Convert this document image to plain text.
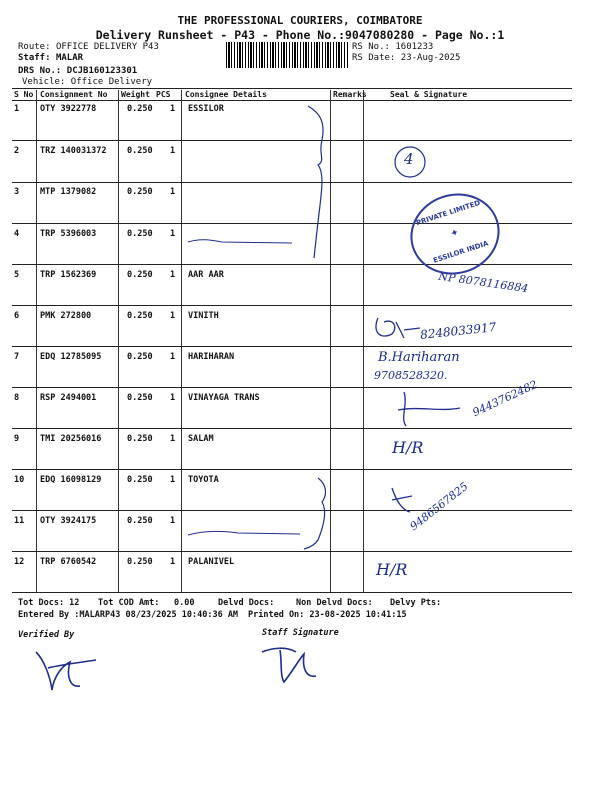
THE PROFESSIONAL COURIERS, COIMBATORE
Delivery Runsheet - P43 - Phone No.:9047080280 - Page No.:1
Route: OFFICE DELIVERY P43
Staff: MALAR
DRS No.: DCJB160123301
Vehicle: Office Delivery
RS No.: 1601233
RS Date: 23-Aug-2025
S No Consignment No Weight PCS Consignee Details	Remarks	Seal & Signature
1 OTY 3922778	0.250 1 ESSILOR
2 TRZ 140031372 0.250 1
3 MTP 1379082	0.250 1
4 TRP 5396003	0.250 1
5 TRP 1562369	0.250 1 AAR AAR
6 PMK 272800	0.250 1 VINITH
7 EDQ 12785095	0.250 1 HARIHARAN
8 RSP 2494001	0.250 1 VINAYAGA TRANS
9 TMI 20256016	0.250 1 SALAM
10 EDQ 16098129	0.250 1 TOYOTA
11 OTY 3924175	0.250 1
12 TRP 6760542	0.250 1 PALANIVEL
4
NP 8078116884
8248033917
B.Hariharan
9708528320.
9443762482
H/R
9486567825
H/R
PRIVATE LIMITED
✦
ESSILOR INDIA
Tot Docs: 12 Tot COD Amt: 0.00	Delvd Docs:	Non Delvd Docs: Delvy Pts:
Entered By :MALARP43 08/23/2025 10:40:36 AM Printed On: 23-08-2025 10:41:15
Verified By	Staff Signature
